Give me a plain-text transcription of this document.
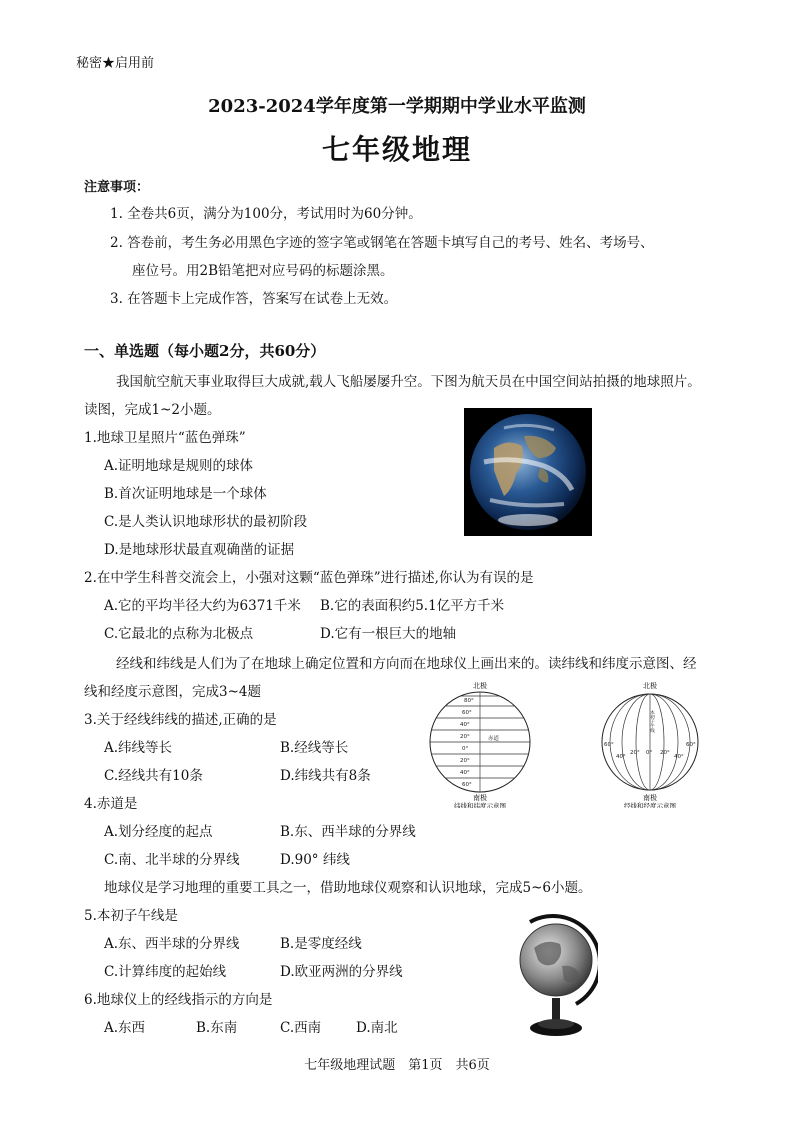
秘密★启用前
2023-2024学年度第一学期期中学业水平监测
七年级地理
注意事项：
1. 全卷共6页，满分为100分，考试用时为60分钟。
2. 答卷前，考生务必用黑色字迹的签字笔或钢笔在答题卡填写自己的考号、姓名、考场号、
座位号。用2B铅笔把对应号码的标题涂黑。
3. 在答题卡上完成作答，答案写在试卷上无效。
一、单选题（每小题2分，共60分）
我国航空航天事业取得巨大成就,载人飞船屡屡升空。下图为航天员在中国空间站拍摄的地球照片。
读图，完成1~2小题。
1.地球卫星照片“蓝色弹珠”
A.证明地球是规则的球体
B.首次证明地球是一个球体
C.是人类认识地球形状的最初阶段
D.是地球形状最直观确凿的证据
2.在中学生科普交流会上，小强对这颗“蓝色弹珠”进行描述,你认为有误的是
A.它的平均半径大约为6371千米 B.它的表面积约5.1亿平方千米
C.它最北的点称为北极点	D.它有一根巨大的地轴
经线和纬线是人们为了在地球上确定位置和方向而在地球仪上画出来的。读纬线和纬度示意图、经
线和经度示意图，完成3~4题	北极
80°
60°
40°
20°
0°
20°
40°
60°
赤道
南极
纬线和纬度示意图
北极
60°
40°
20° 0° 20°
40°
60°
本初子午线
南极
经线和经度示意图
3.关于经线纬线的描述,正确的是
A.纬线等长	B.经线等长
C.经线共有10条	D.纬线共有8条
4.赤道是
A.划分经度的起点	B.东、西半球的分界线
C.南、北半球的分界线	D.90° 纬线
地球仪是学习地理的重要工具之一，借助地球仪观察和认识地球，完成5~6小题。
5.本初子午线是
A.东、西半球的分界线	B.是零度经线
C.计算纬度的起始线	D.欧亚两洲的分界线
6.地球仪上的经线指示的方向是
A.东西	B.东南	C.西南	D.南北
七年级地理试题　第1页　共6页
